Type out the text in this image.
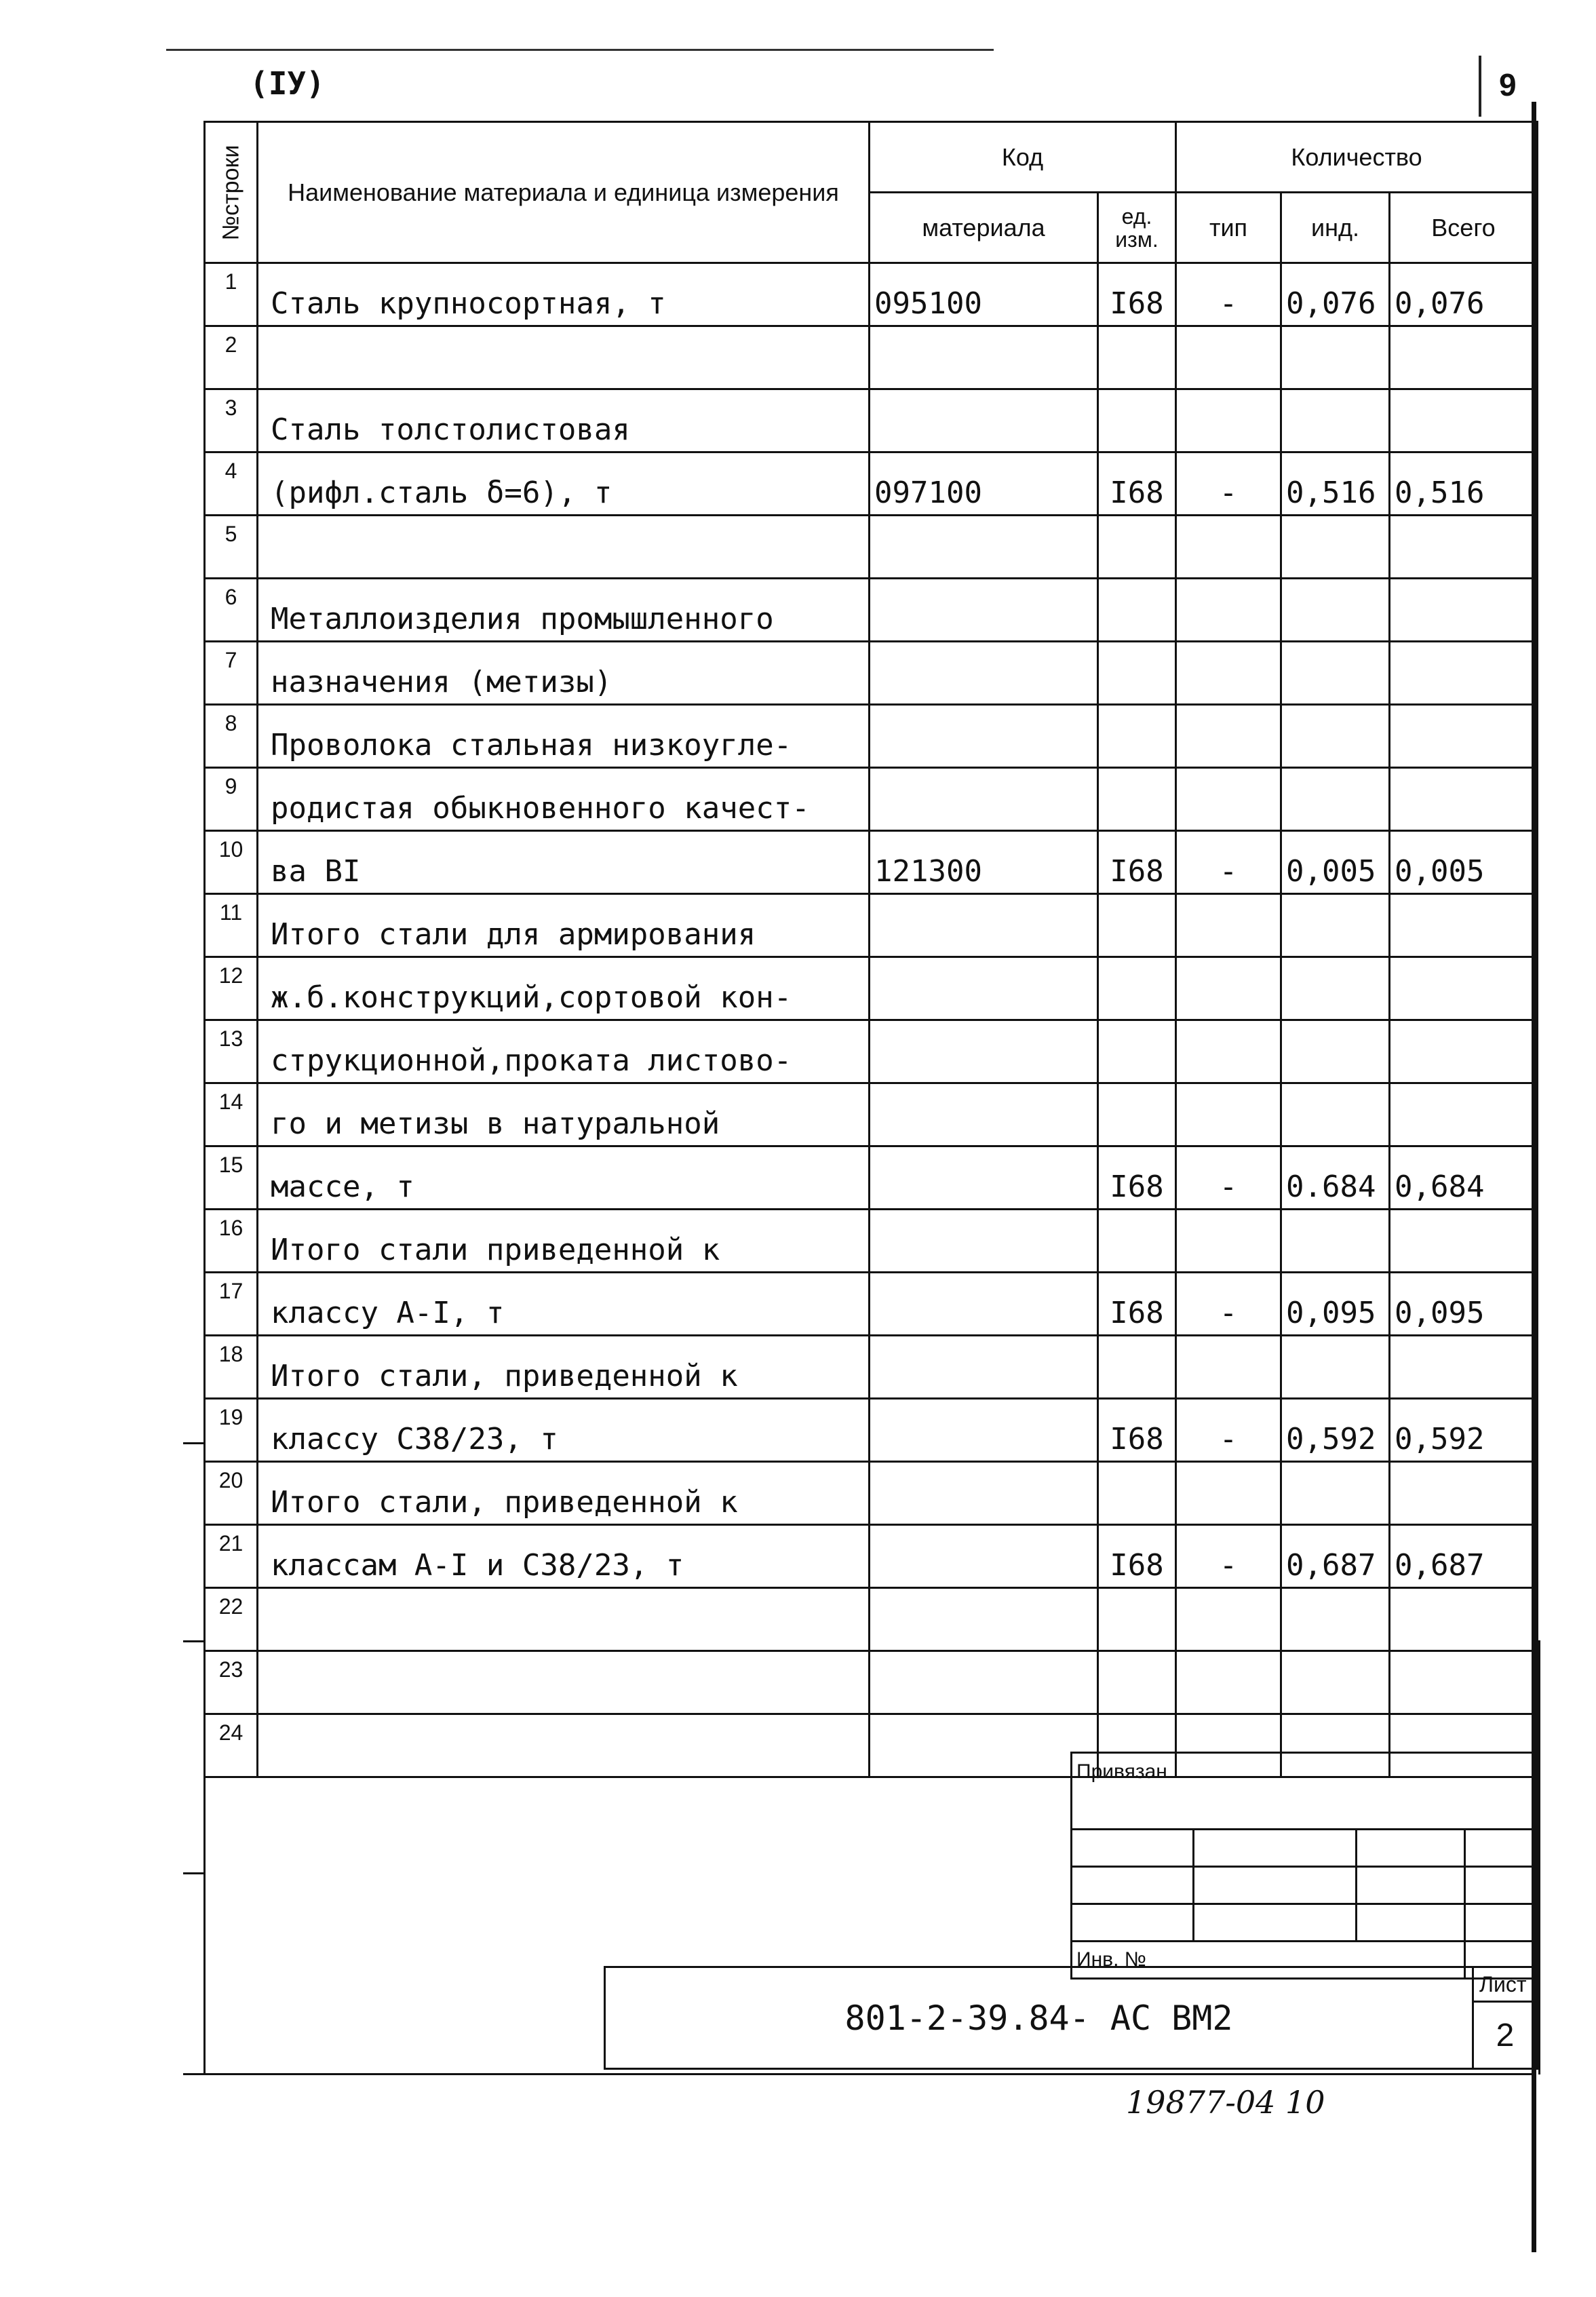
(IУ)	9
№строки	Наименование материала и единица измерения	Код		Количество		
		материала	ед. изм.	тип	инд.	Всего
1	Сталь крупносортная, т	095100	I68	-	0,076	0,076
2						
3	Сталь толстолистовая					
4	(рифл.сталь δ=6), т	097100	I68	-	0,516	0,516
5						
6	Металлоизделия промышленного					
7	назначения (метизы)					
8	Проволока стальная низкоугле-					
9	родистая обыкновенного качест-					
10	ва BI	121300	I68	-	0,005	0,005
11	Итого стали для армирования					
12	ж.б.конструкций,сортовой кон-					
13	струкционной,проката листово-					
14	го и метизы в натуральной					
15	массе, т		I68	-	0.684	0,684
16	Итого стали приведенной к					
17	классу А-I, т		I68	-	0,095	0,095
18	Итого стали, приведенной к					
19	классу С38/23, т		I68	-	0,592	0,592
20	Итого стали, приведенной к					
21	классам А-I и С38/23, т		I68	-	0,687	0,687
22						
23						
24						
Привязан			

Инв. №			
801-2-39.84- АС ВМ2	Лист
2
19877-04 10
